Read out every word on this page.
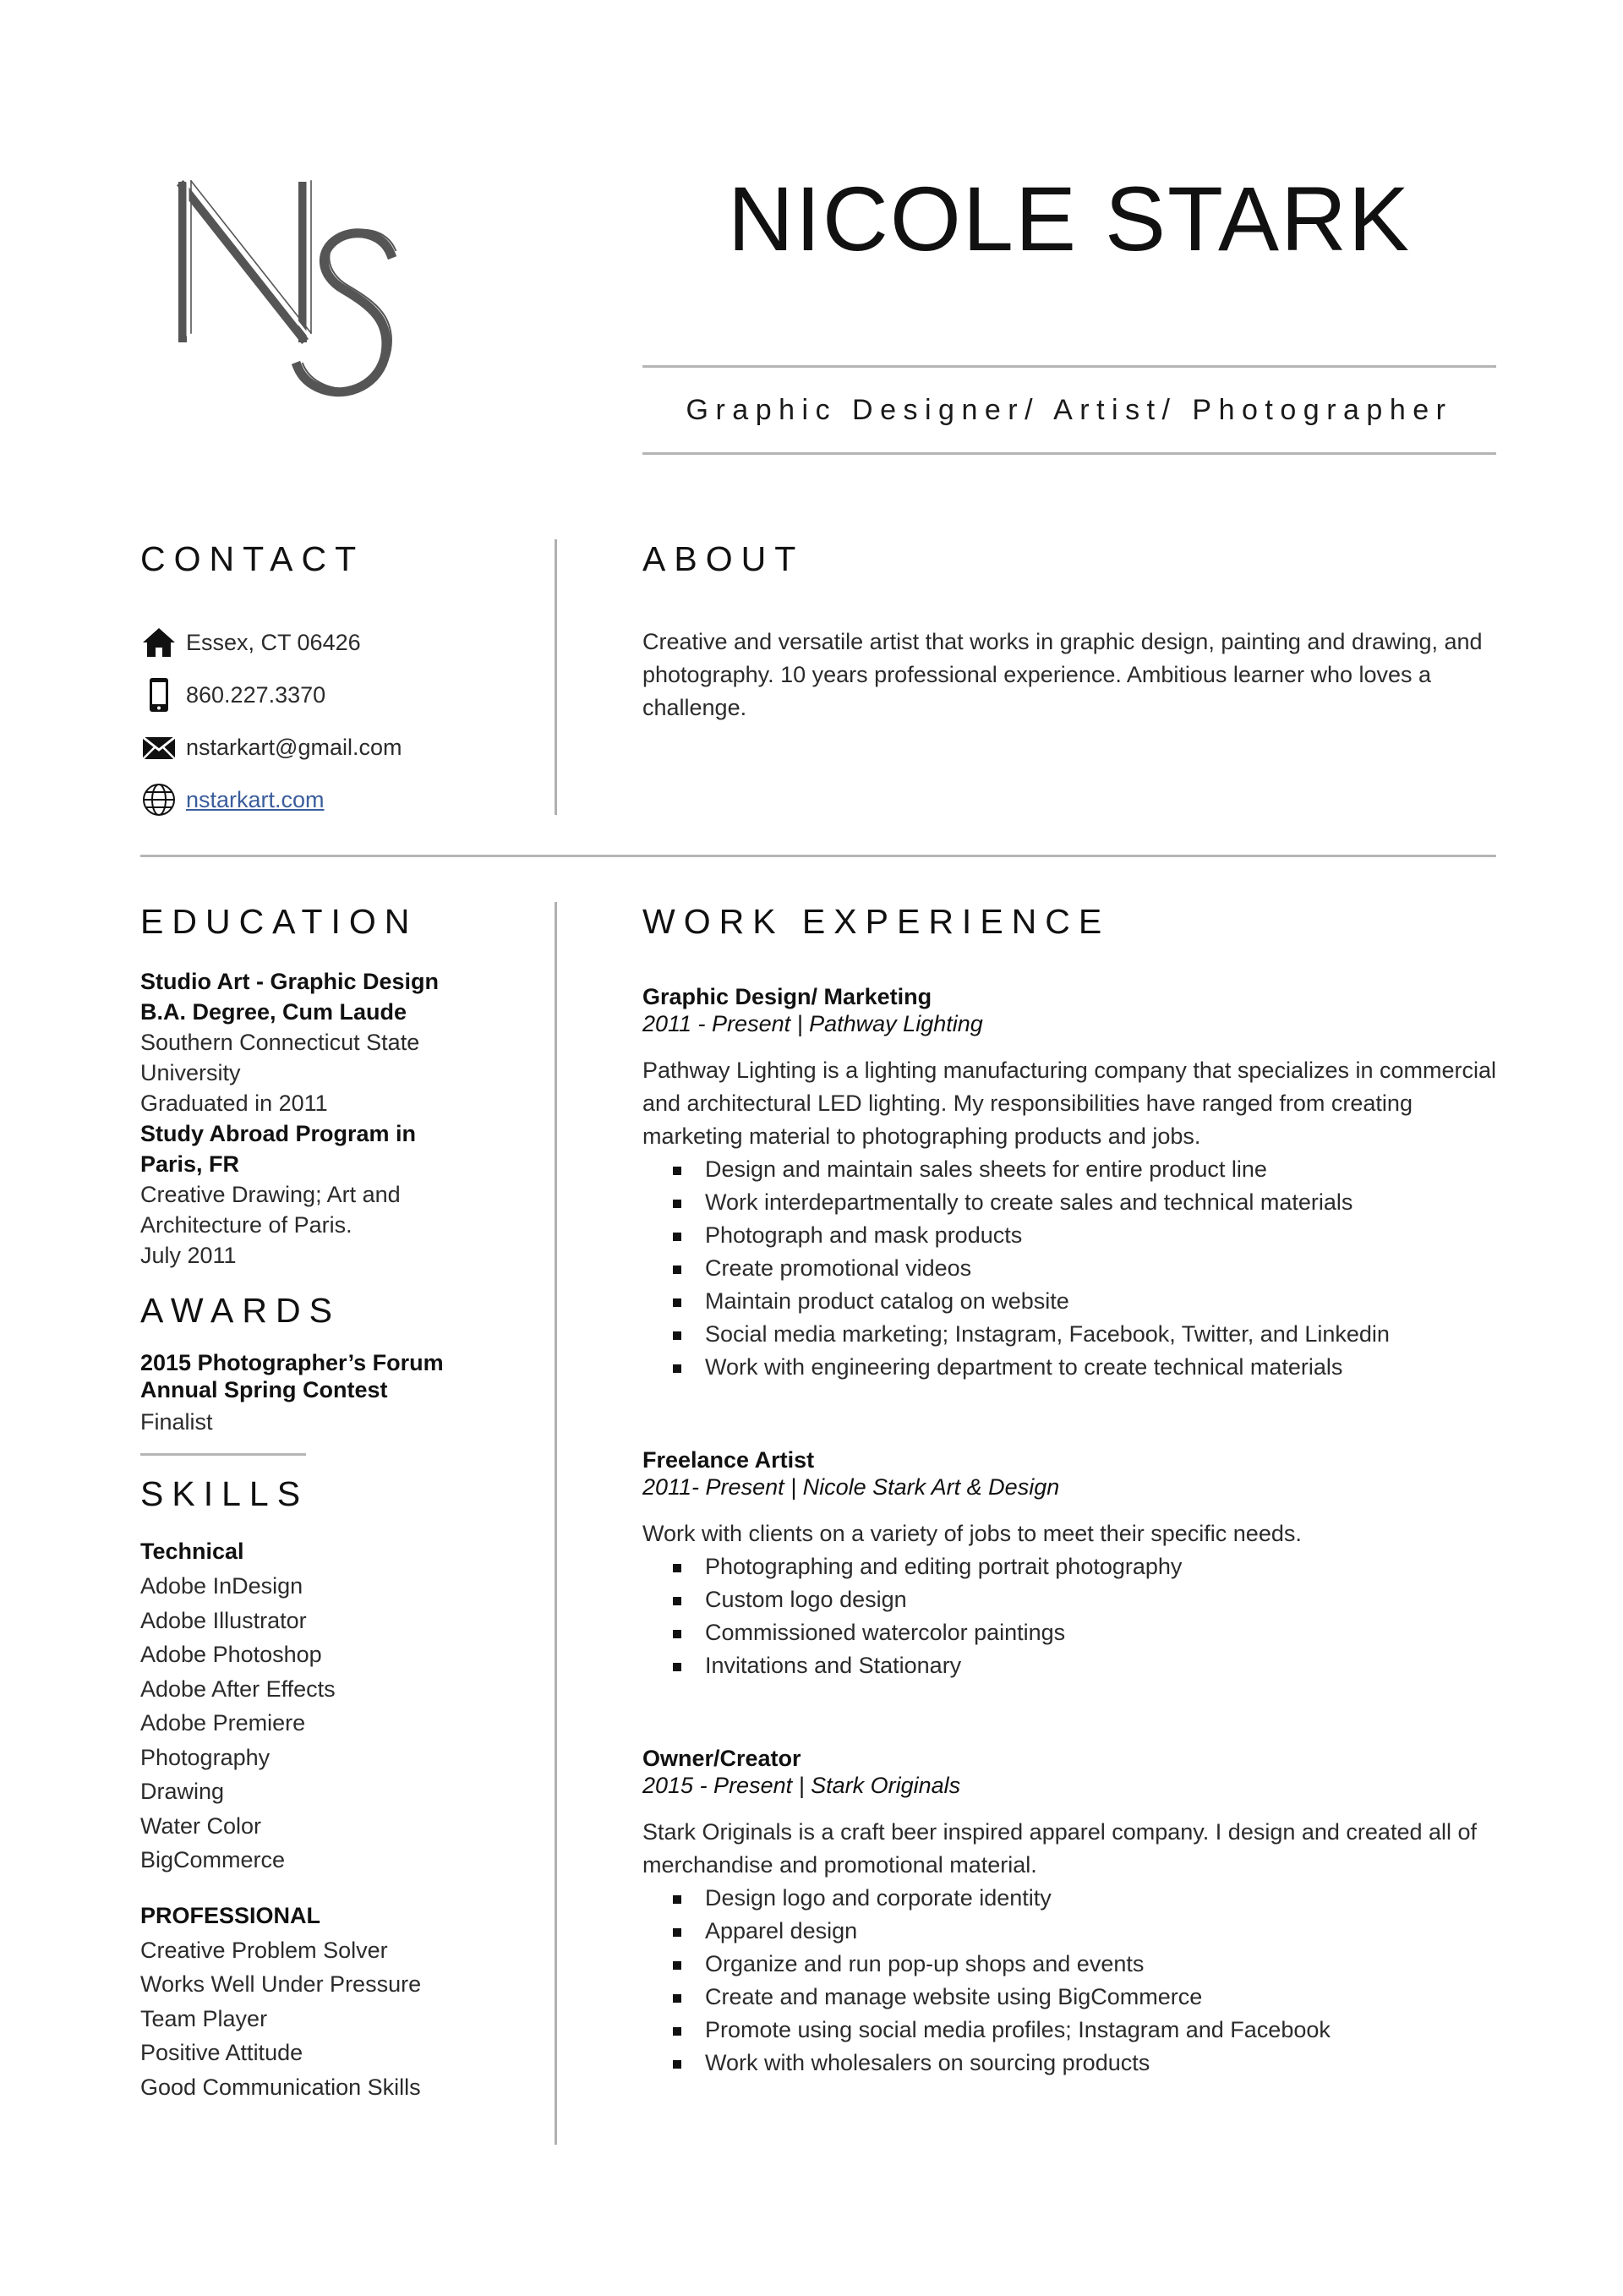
NICOLE STARK
Graphic Designer/ Artist/ Photographer
CONTACT
Essex, CT 06426
860.227.3370
nstarkart@gmail.com
nstarkart.com
ABOUT
Creative and versatile artist that works in graphic design, painting and drawing, and photography. 10 years professional experience. Ambitious learner who loves a challenge.
EDUCATION
Studio Art - Graphic Design
B.A. Degree, Cum Laude
Southern Connecticut State University
Graduated in 2011
Study Abroad Program in Paris, FR
Creative Drawing; Art and Architecture of Paris.
July 2011
AWARDS
2015 Photographer’s Forum Annual Spring Contest
Finalist
SKILLS
Technical
Adobe InDesign
Adobe Illustrator
Adobe Photoshop
Adobe After Effects
Adobe Premiere
Photography
Drawing
Water Color
BigCommerce
PROFESSIONAL
Creative Problem Solver
Works Well Under Pressure
Team Player
Positive Attitude
Good Communication Skills
WORK EXPERIENCE
Graphic Design/ Marketing
2011 - Present | Pathway Lighting
Pathway Lighting is a lighting manufacturing company that specializes in commercial and architectural LED lighting. My responsibilities have ranged from creating marketing material to photographing products and jobs.
Design and maintain sales sheets for entire product line
Work interdepartmentally to create sales and technical materials
Photograph and mask products
Create promotional videos
Maintain product catalog on website
Social media marketing; Instagram, Facebook, Twitter, and Linkedin
Work with engineering department to create technical materials
Freelance Artist
2011- Present | Nicole Stark Art & Design
Work with clients on a variety of jobs to meet their specific needs.
Photographing and editing portrait photography
Custom logo design
Commissioned watercolor paintings
Invitations and Stationary
Owner/Creator
2015 - Present | Stark Originals
Stark Originals is a craft beer inspired apparel company. I design and created all of merchandise and promotional material.
Design logo and corporate identity
Apparel design
Organize and run pop-up shops and events
Create and manage website using BigCommerce
Promote using social media profiles; Instagram and Facebook
Work with wholesalers on sourcing products
